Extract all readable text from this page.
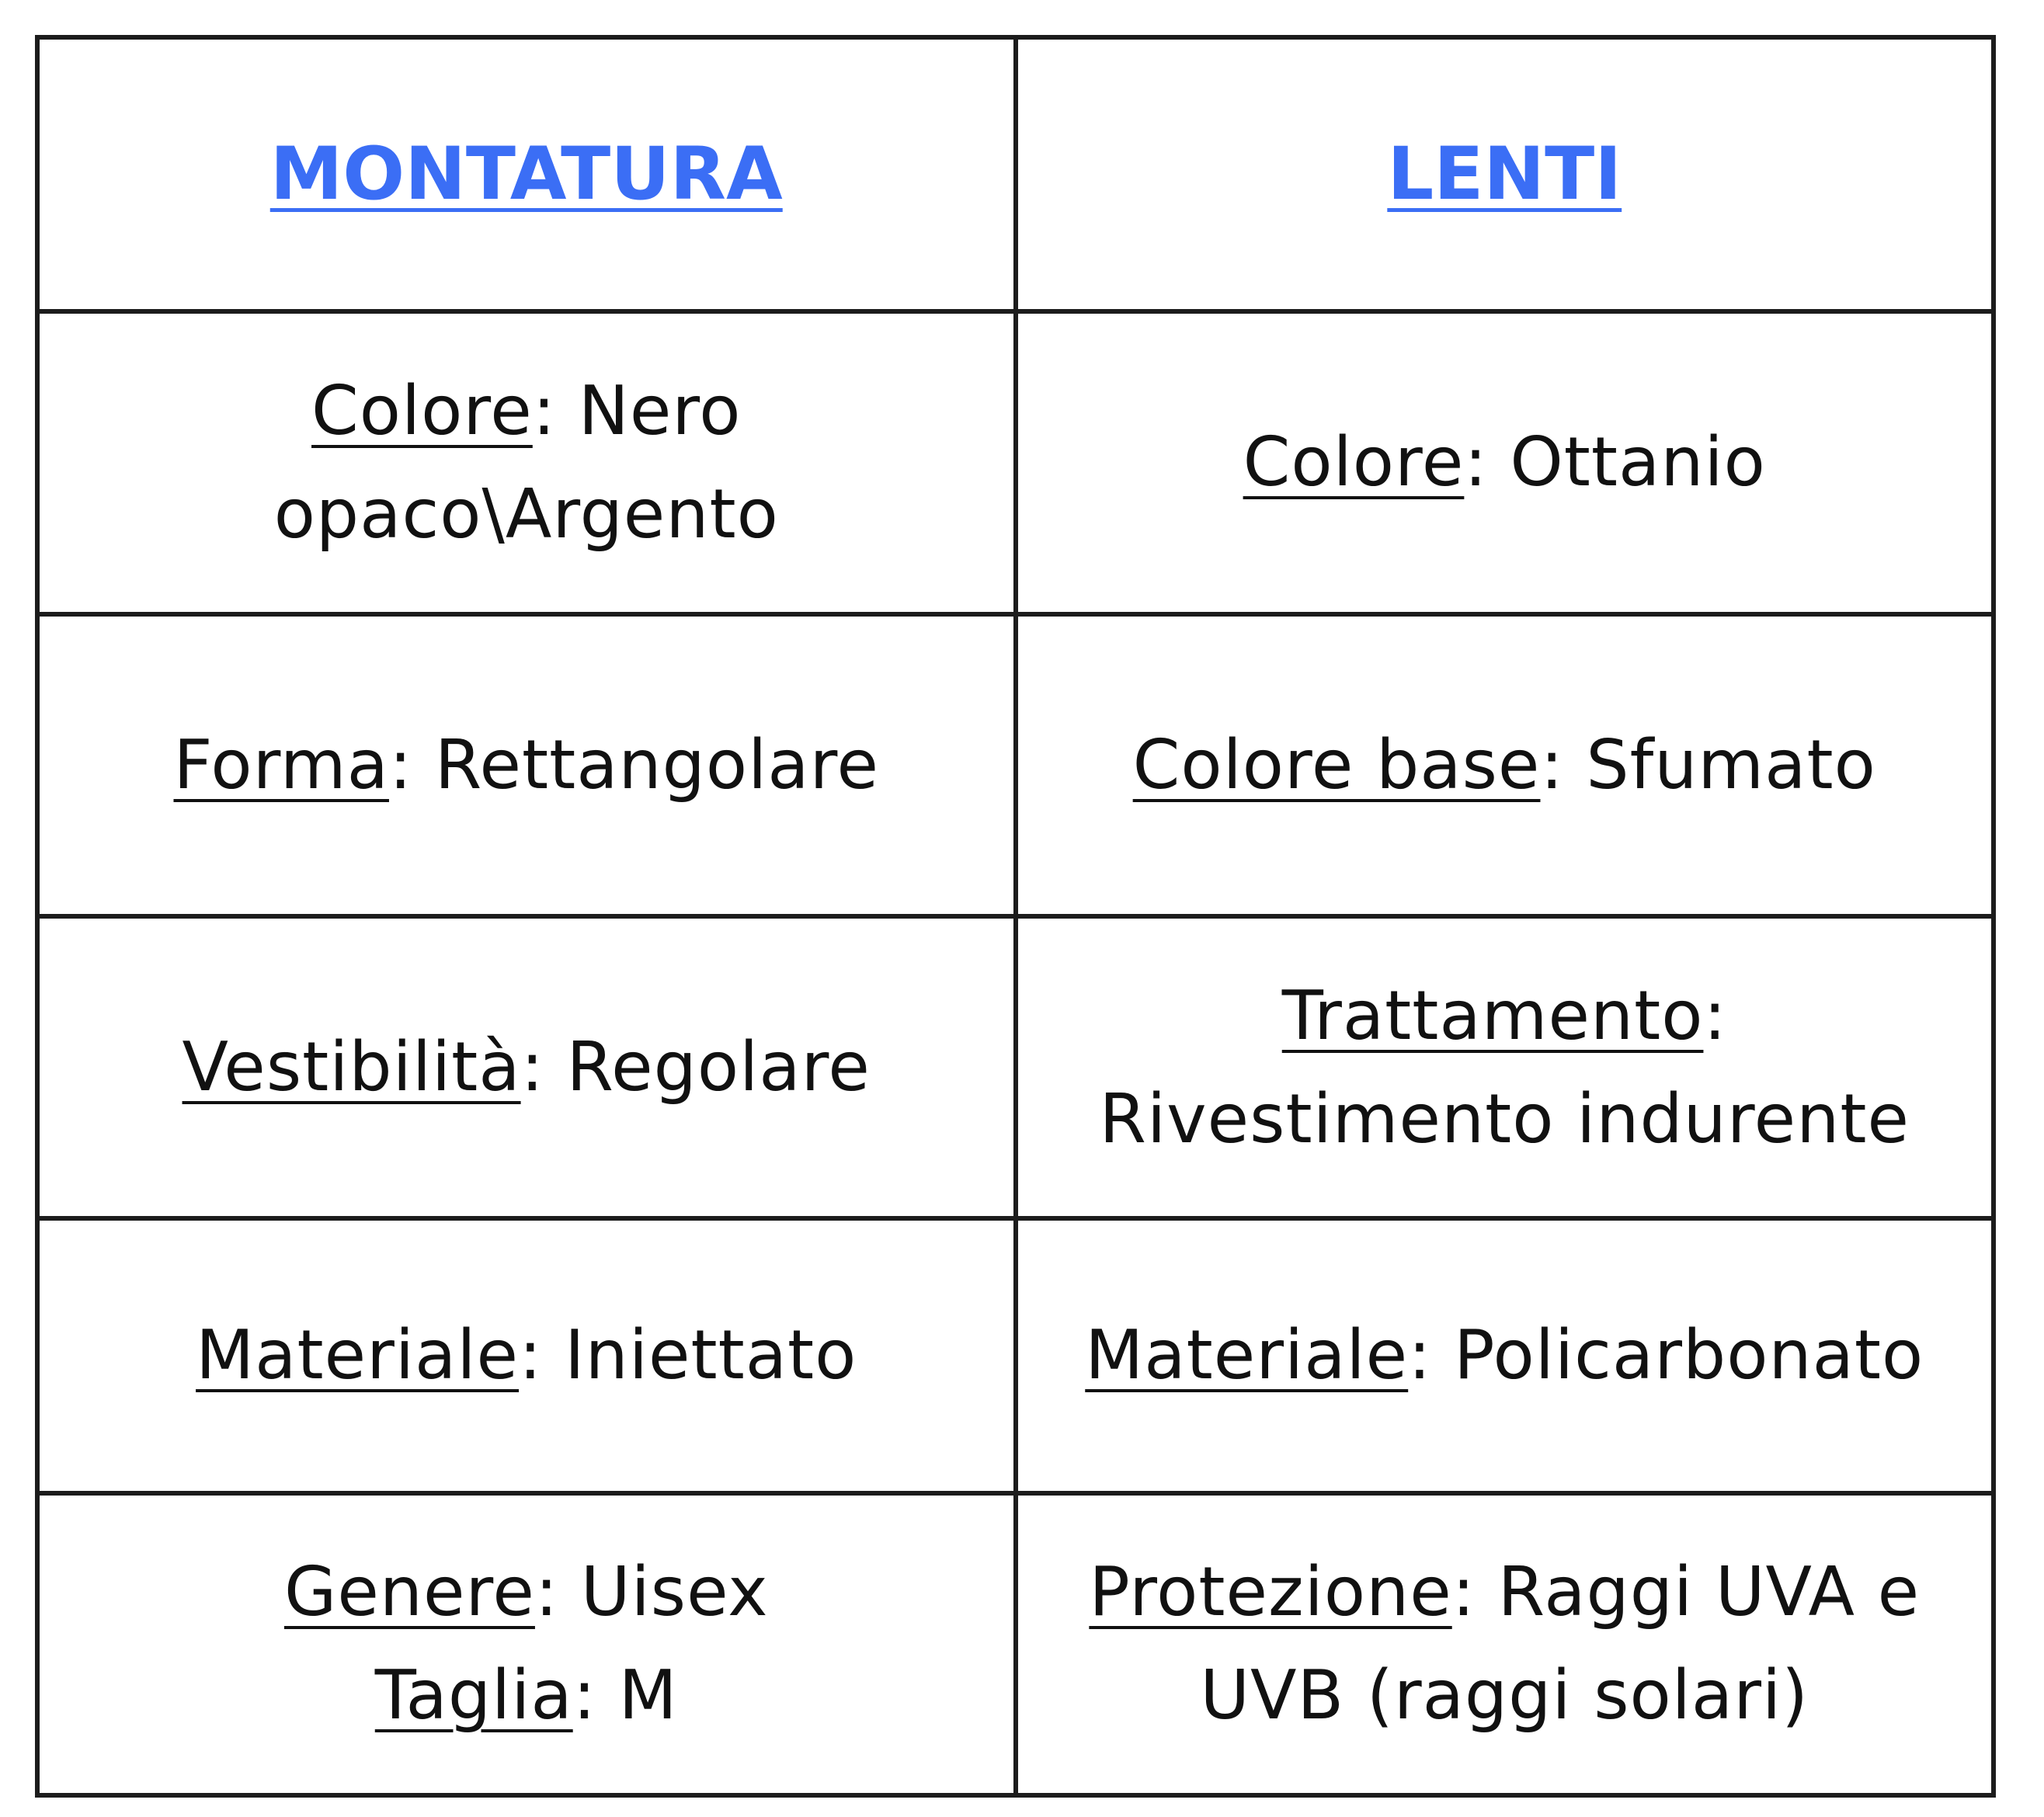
MONTATURA	LENTI

Colore: Nero
opaco\Argento	Colore: Ottanio
Forma: Rettangolare	Colore base: Sfumato
Vestibilità: Regolare	Trattamento:
Rivestimento indurente

Materiale: Iniettato	Materiale: Policarbonato

Genere: Uisex
Taglia: M	Protezione: Raggi UVA e
UVB (raggi solari)
